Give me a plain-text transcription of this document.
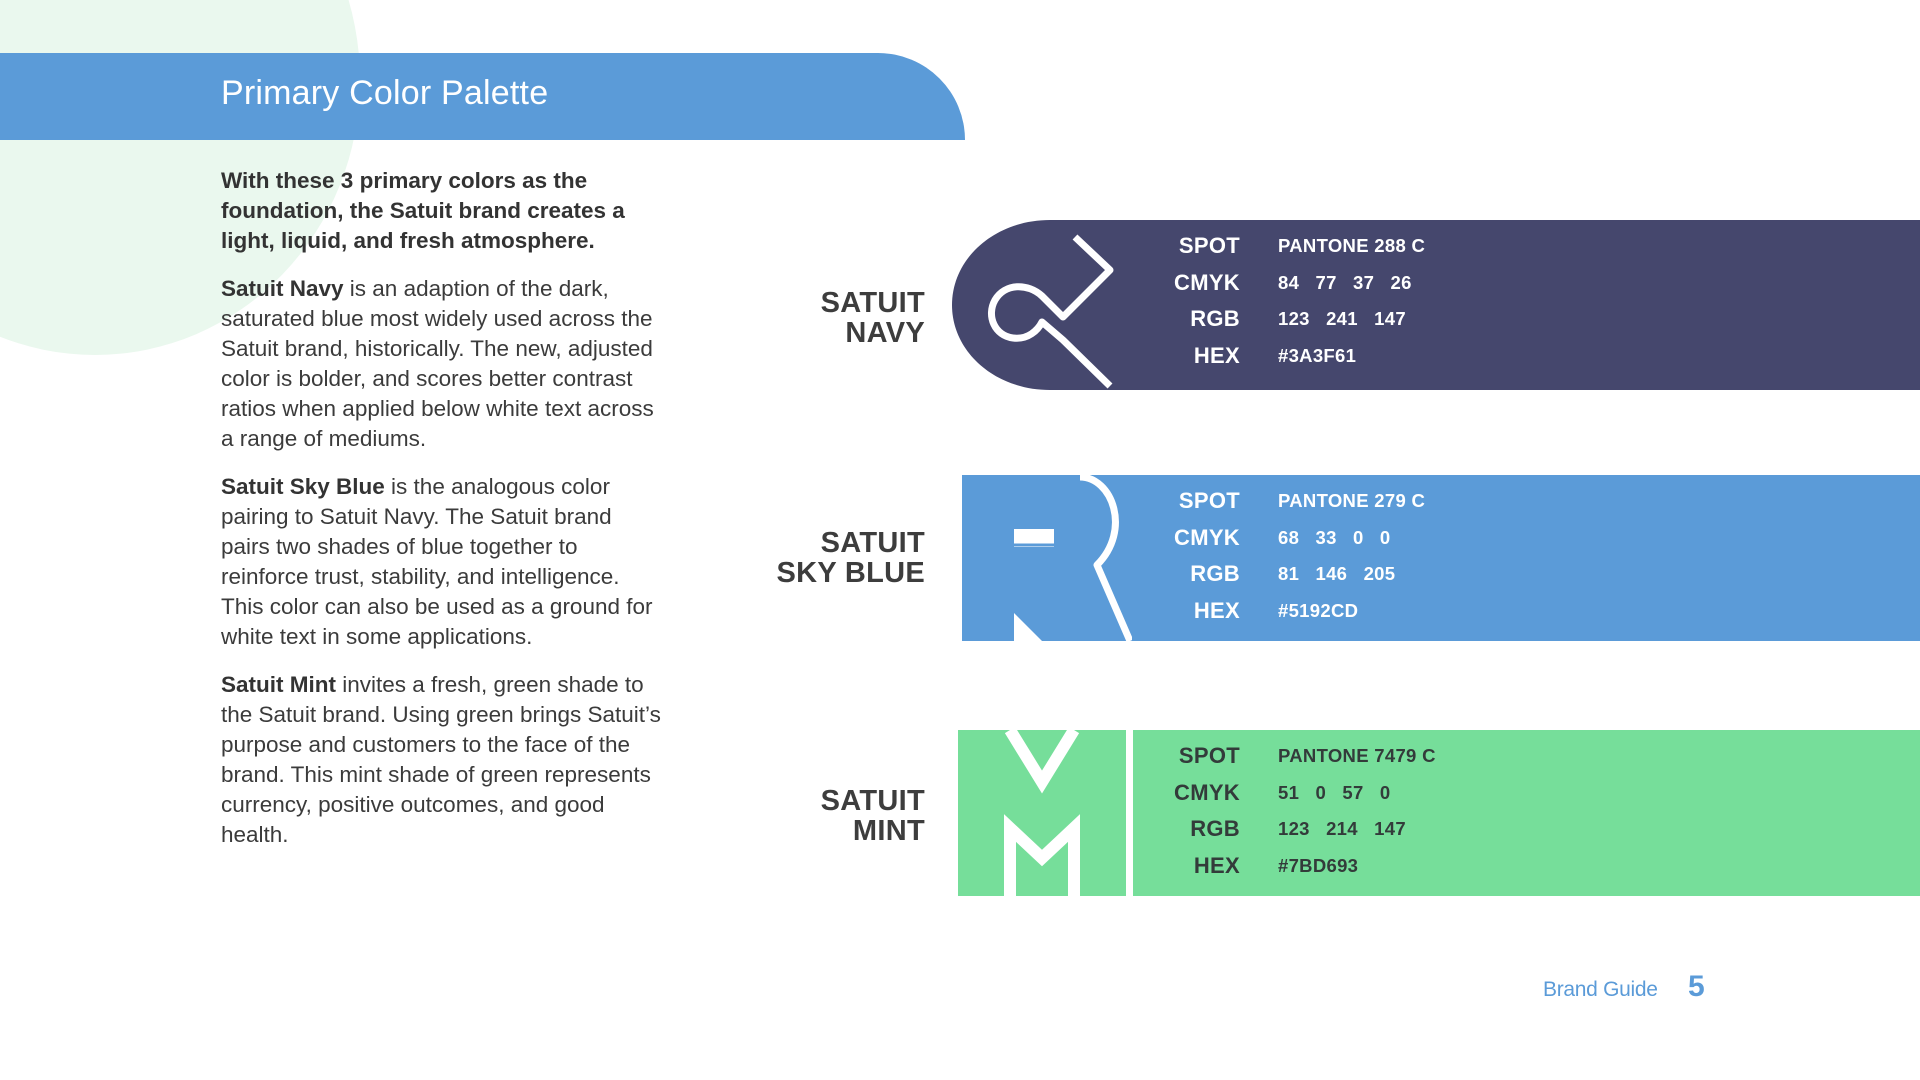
Primary Color Palette

With these 3 primary colors as the foundation, the Satuit brand creates a light, liquid, and fresh atmosphere.

Satuit Navy is an adaption of the dark, saturated blue most widely used across the Satuit brand, historically. The new, adjusted color is bolder, and scores better contrast ratios when applied below white text across a range of mediums.

Satuit Sky Blue is the analogous color pairing to Satuit Navy. The Satuit brand pairs two shades of blue together to reinforce trust, stability, and intelligence. This color can also be used as a ground for white text in some applications.

Satuit Mint invites a fresh, green shade to the Satuit brand. Using green brings Satuit’s purpose and customers to the face of the brand. This mint shade of green represents currency, positive outcomes, and good health.

SATUIT
NAVY
SPOT PANTONE 288 C
CMYK 84   77   37   26
RGB 123   241   147
HEX #3A3F61
SATUIT
SKY BLUE
SPOT PANTONE 279 C
CMYK 68   33   0   0
RGB 81   146   205
HEX #5192CD
SATUIT
MINT
SPOT PANTONE 7479 C
CMYK 51   0   57   0
RGB 123   214   147
HEX #7BD693
Brand Guide 5
